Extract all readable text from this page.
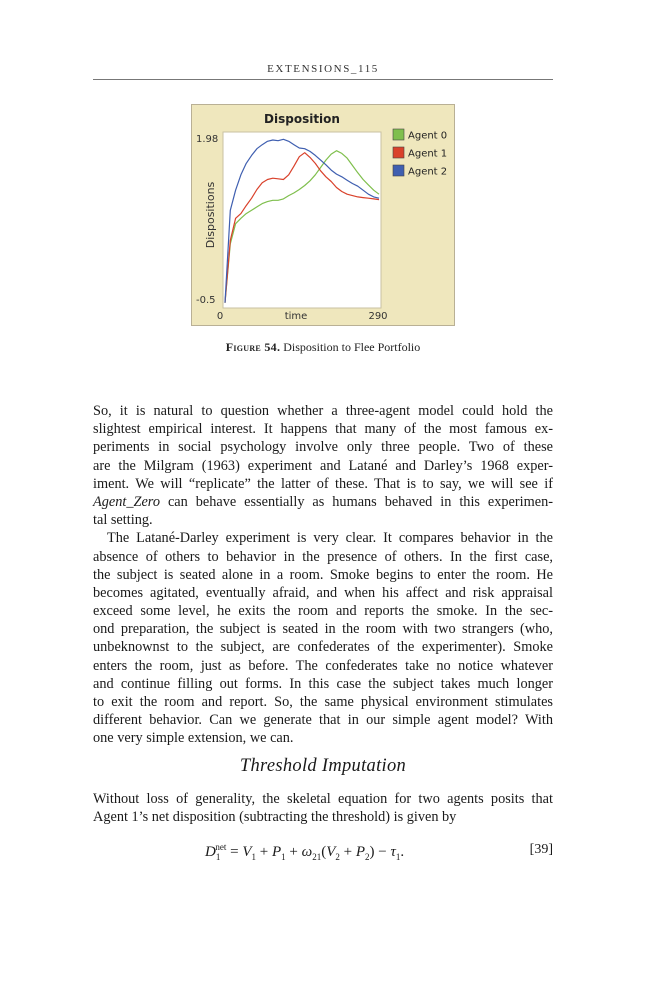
EXTENSIONS_115
Disposition
1.98
-0.5
Dispositions
0	290
time
Agent 0
Agent 1
Agent 2
Figure 54. Disposition to Flee Portfolio
So, it is natural to question whether a three-agent model could hold the
slightest empirical interest. It happens that many of the most famous ex-
periments in social psychology involve only three people. Two of these
are the Milgram (1963) experiment and Latané and Darley’s 1968 exper-
iment. We will “replicate” the latter of these. That is to say, we will see if
Agent_Zero can behave essentially as humans behaved in this experimen-
tal setting.
The Latané-Darley experiment is very clear. It compares behavior in the
absence of others to behavior in the presence of others. In the first case,
the subject is seated alone in a room. Smoke begins to enter the room. He
becomes agitated, eventually afraid, and when his affect and risk appraisal
exceed some level, he exits the room and reports the smoke. In the sec-
ond preparation, the subject is seated in the room with two strangers (who,
unbeknownst to the subject, are confederates of the experimenter). Smoke
enters the room, just as before. The confederates take no notice whatever
and continue filling out forms. In this case the subject takes much longer
to exit the room and report. So, the same physical environment stimulates
different behavior. Can we generate that in our simple agent model? With
one very simple extension, we can.
Threshold Imputation
Without loss of generality, the skeletal equation for two agents posits that
Agent 1’s net disposition (subtracting the threshold) is given by
$D_1^{net} = V_1 + P_1 + \omega_{21}(V_2 + P_2) - \tau_1$.	[39]
